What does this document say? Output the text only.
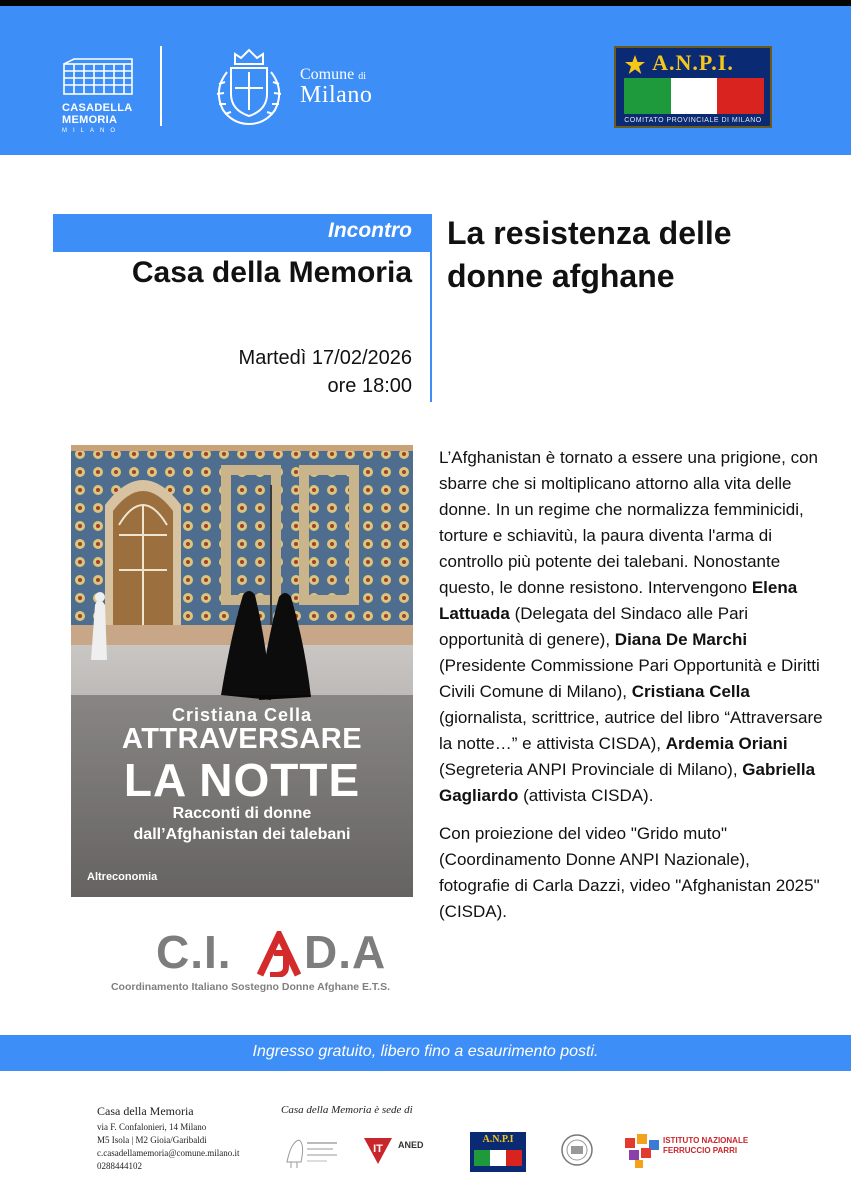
CASADELLA
MEMORIA
MILANO
Comune di
Milano
A.N.P.I.
COMITATO PROVINCIALE DI MILANO
Incontro
Casa della Memoria
La resistenza delle donne afghane
Martedì 17/02/2026
ore 18:00
Cristiana Cella
ATTRAVERSARE
LA NOTTE
Racconti di donne
dall’Afghanistan dei talebani
Altreconomia
C.I. D.A
Coordinamento Italiano Sostegno Donne Afghane E.T.S.

L’Afghanistan è tornato a essere una prigione, con sbarre che si moltiplicano attorno alla vita delle donne. In un regime che normalizza femminicidi, torture e schiavitù, la paura diventa l'arma di controllo più potente dei talebani. Nonostante questo, le donne resistono. Intervengono Elena Lattuada (Delegata del Sindaco alle Pari opportunità di genere), Diana De Marchi (Presidente Commissione Pari Opportunità e Diritti Civili Comune di Milano), Cristiana Cella (giornalista, scrittrice, autrice del libro “Attraversare la notte…” e attivista CISDA), Ardemia Oriani (Segreteria ANPI Provinciale di Milano), Gabriella Gagliardo (attivista CISDA).

Con proiezione del video "Grido muto" (Coordinamento Donne ANPI Nazionale), fotografie di Carla Dazzi, video "Afghanistan 2025" (CISDA).

Ingresso gratuito, libero fino a esaurimento posti.
Casa della Memoria
via F. Confalonieri, 14 Milano
M5 Isola | M2 Gioia/Garibaldi
c.casadellamemoria@comune.milano.it
0288444102
Casa della Memoria è sede di
IT ANED	A.N.P.I	ISTITUTO NAZIONALE
FERRUCCIO PARRI
